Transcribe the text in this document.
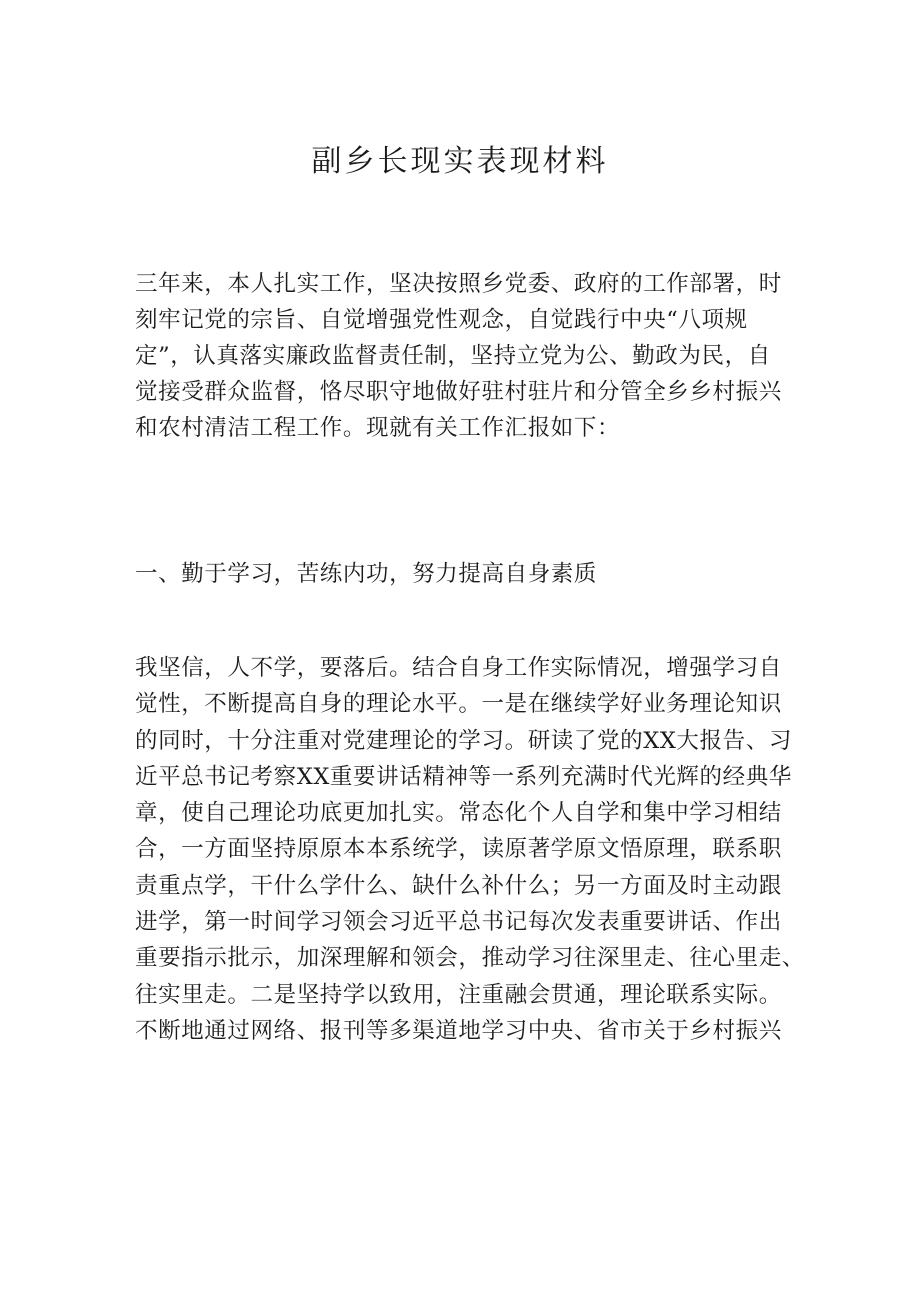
副乡长现实表现材料
三年来，本人扎实工作，坚决按照乡党委、政府的工作部署，时
刻牢记党的宗旨、自觉增强党性观念，自觉践行中央“八项规
定”，认真落实廉政监督责任制，坚持立党为公、勤政为民，自
觉接受群众监督，恪尽职守地做好驻村驻片和分管全乡乡村振兴
和农村清洁工程工作。现就有关工作汇报如下：
一、勤于学习，苦练内功，努力提高自身素质
我坚信，人不学，要落后。结合自身工作实际情况，增强学习自
觉性，不断提高自身的理论水平。一是在继续学好业务理论知识
的同时，十分注重对党建理论的学习。研读了党的XX大报告、习
近平总书记考察XX重要讲话精神等一系列充满时代光辉的经典华
章，使自己理论功底更加扎实。常态化个人自学和集中学习相结
合，一方面坚持原原本本系统学，读原著学原文悟原理，联系职
责重点学，干什么学什么、缺什么补什么；另一方面及时主动跟
进学，第一时间学习领会习近平总书记每次发表重要讲话、作出
重要指示批示，加深理解和领会，推动学习往深里走、往心里走、
往实里走。二是坚持学以致用，注重融会贯通，理论联系实际。
不断地通过网络、报刊等多渠道地学习中央、省市关于乡村振兴
